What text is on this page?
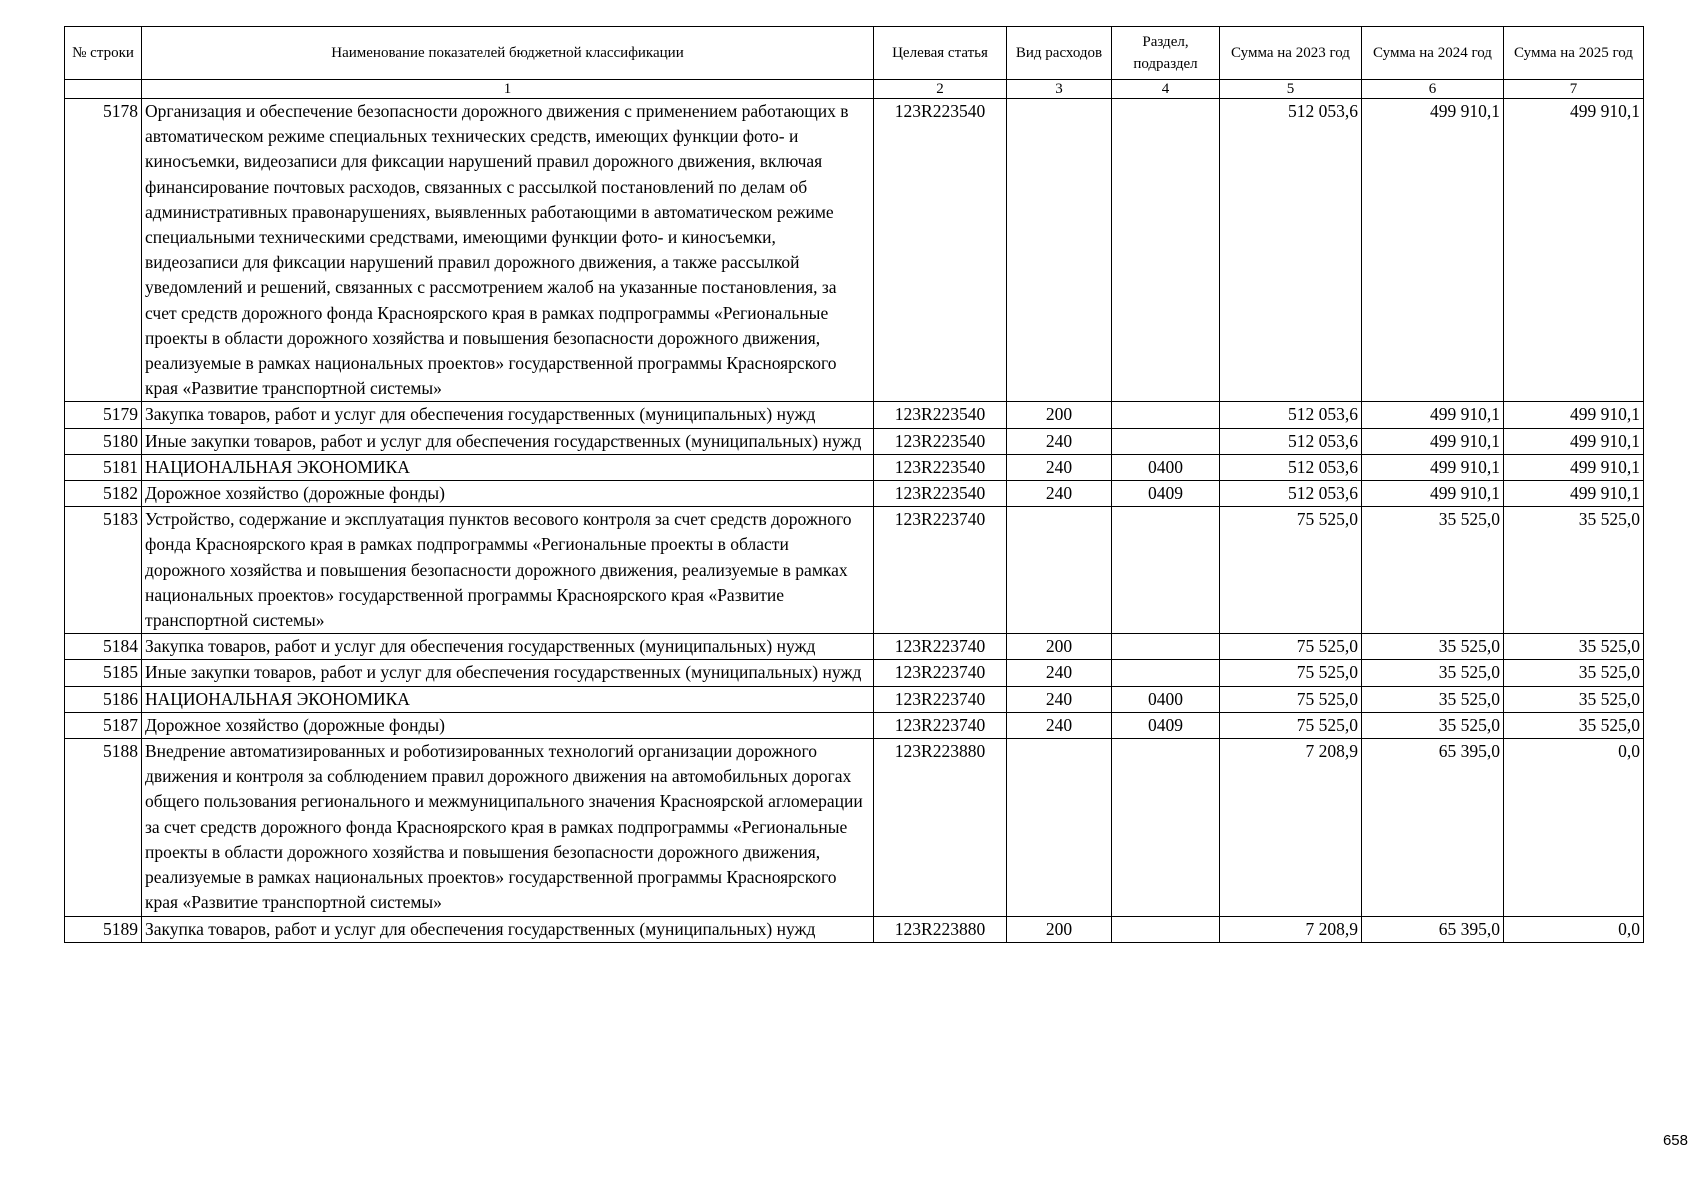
№ строки	Наименование показателей бюджетной классификации	Целевая статья	Вид расходов	Раздел, подраздел	Сумма на 2023 год	Сумма на 2024 год	Сумма на 2025 год
	1	2	3	4	5	6	7
5178	Организация и обеспечение безопасности дорожного движения с применением работающих в автоматическом режиме специальных технических средств, имеющих функции фото- и киносъемки, видеозаписи для фиксации нарушений правил дорожного движения, включая финансирование почтовых расходов, связанных с рассылкой постановлений по делам об административных правонарушениях, выявленных работающими в автоматическом режиме специальными техническими средствами, имеющими функции фото- и киносъемки, видеозаписи для фиксации нарушений правил дорожного движения, а также рассылкой уведомлений и решений, связанных с рассмотрением жалоб на указанные постановления, за счет средств дорожного фонда Красноярского края в рамках подпрограммы «Региональные проекты в области дорожного хозяйства и повышения безопасности дорожного движения, реализуемые в рамках национальных проектов» государственной программы Красноярского края «Развитие транспортной системы»	123R223540			512 053,6	499 910,1	499 910,1
5179	Закупка товаров, работ и услуг для обеспечения государственных (муниципальных) нужд	123R223540	200		512 053,6	499 910,1	499 910,1
5180	Иные закупки товаров, работ и услуг для обеспечения государственных (муниципальных) нужд	123R223540	240		512 053,6	499 910,1	499 910,1
5181	НАЦИОНАЛЬНАЯ ЭКОНОМИКА	123R223540	240	0400	512 053,6	499 910,1	499 910,1
5182	Дорожное хозяйство (дорожные фонды)	123R223540	240	0409	512 053,6	499 910,1	499 910,1
5183	Устройство, содержание и эксплуатация пунктов весового контроля за счет средств дорожного фонда Красноярского края в рамках подпрограммы «Региональные проекты в области дорожного хозяйства и повышения безопасности дорожного движения, реализуемые в рамках национальных проектов» государственной программы Красноярского края «Развитие транспортной системы»	123R223740			75 525,0	35 525,0	35 525,0
5184	Закупка товаров, работ и услуг для обеспечения государственных (муниципальных) нужд	123R223740	200		75 525,0	35 525,0	35 525,0
5185	Иные закупки товаров, работ и услуг для обеспечения государственных (муниципальных) нужд	123R223740	240		75 525,0	35 525,0	35 525,0
5186	НАЦИОНАЛЬНАЯ ЭКОНОМИКА	123R223740	240	0400	75 525,0	35 525,0	35 525,0
5187	Дорожное хозяйство (дорожные фонды)	123R223740	240	0409	75 525,0	35 525,0	35 525,0
5188	Внедрение автоматизированных и роботизированных технологий организации дорожного движения и контроля за соблюдением правил дорожного движения на автомобильных дорогах общего пользования регионального и межмуниципального значения Красноярской агломерации за счет средств дорожного фонда Красноярского края в рамках подпрограммы «Региональные проекты в области дорожного хозяйства и повышения безопасности дорожного движения, реализуемые в рамках национальных проектов» государственной программы Красноярского края «Развитие транспортной системы»	123R223880			7 208,9	65 395,0	0,0
5189	Закупка товаров, работ и услуг для обеспечения государственных (муниципальных) нужд	123R223880	200		7 208,9	65 395,0	0,0
658
